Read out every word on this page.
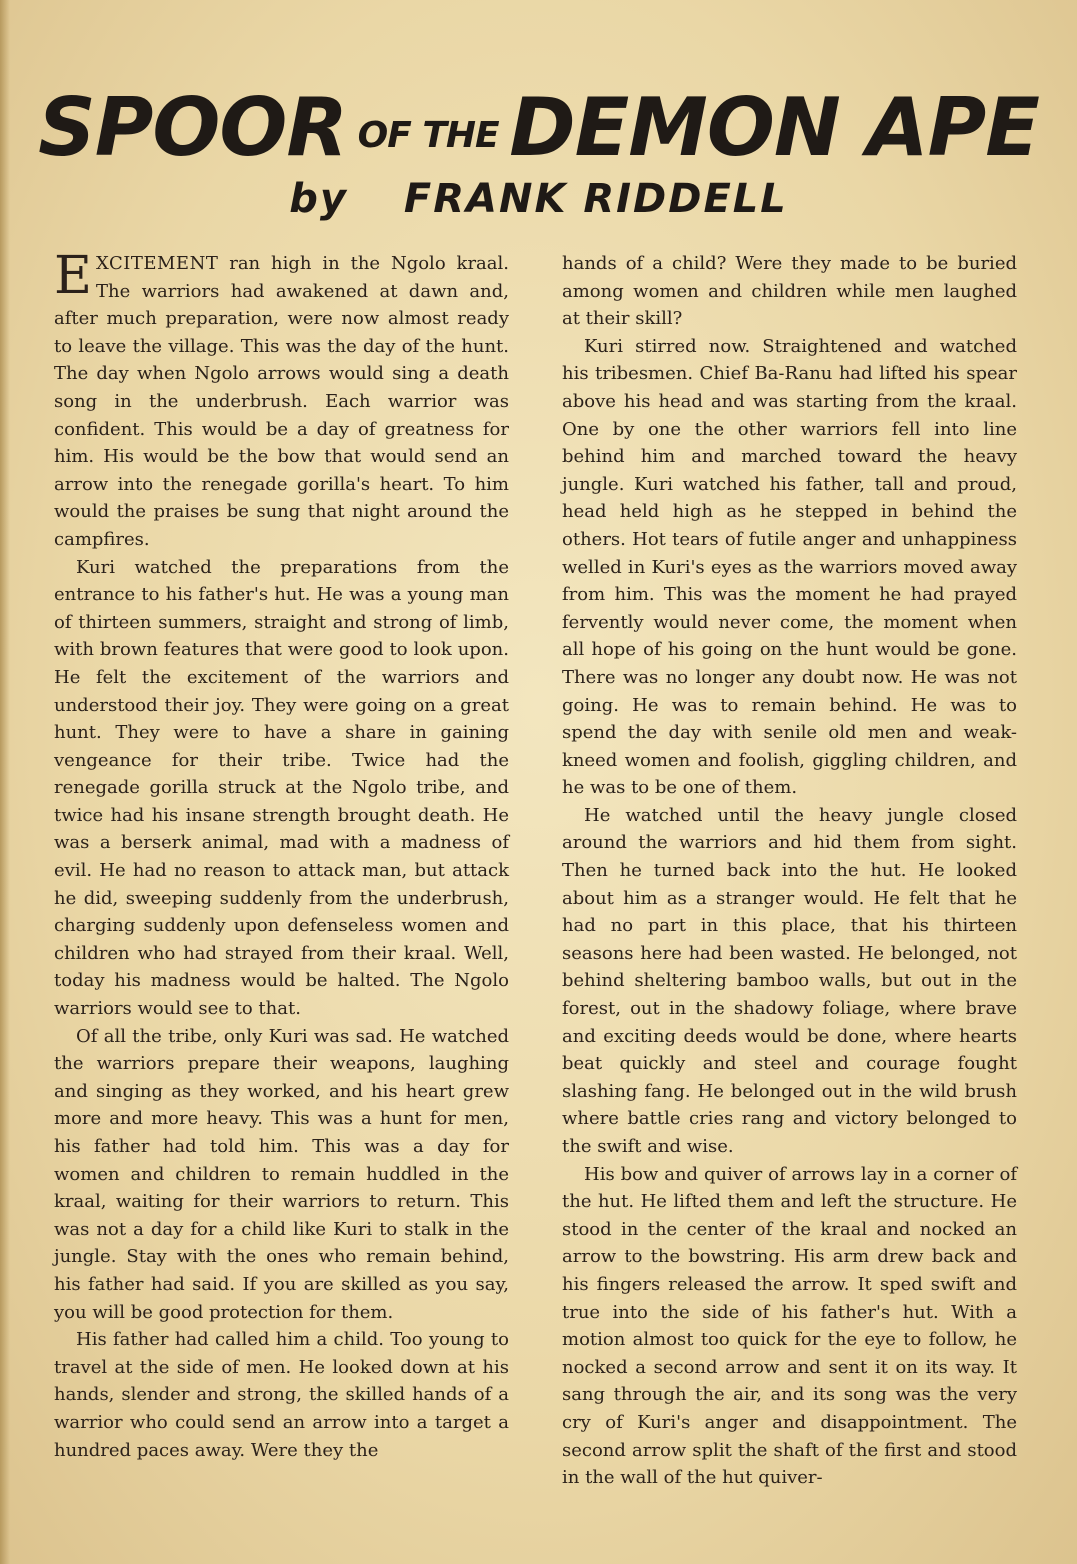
SPOOR OF THE DEMON APE
by FRANK RIDDELL

EXCITEMENT ran high in the Ngolo kraal. The warriors had awakened at dawn and, after much preparation, were now almost ready to leave the village. This was the day of the hunt. The day when Ngolo arrows would sing a death song in the underbrush. Each warrior was confident. This would be a day of greatness for him. His would be the bow that would send an arrow into the renegade gorilla's heart. To him would the praises be sung that night around the campfires.

Kuri watched the preparations from the entrance to his father's hut. He was a young man of thirteen summers, straight and strong of limb, with brown features that were good to look upon. He felt the excitement of the warriors and understood their joy. They were going on a great hunt. They were to have a share in gaining vengeance for their tribe. Twice had the renegade gorilla struck at the Ngolo tribe, and twice had his insane strength brought death. He was a berserk animal, mad with a madness of evil. He had no reason to attack man, but attack he did, sweeping suddenly from the underbrush, charging suddenly upon defenseless women and children who had strayed from their kraal. Well, today his madness would be halted. The Ngolo warriors would see to that.

Of all the tribe, only Kuri was sad. He watched the warriors prepare their weapons, laughing and singing as they worked, and his heart grew more and more heavy. This was a hunt for men, his father had told him. This was a day for women and children to remain huddled in the kraal, waiting for their warriors to return. This was not a day for a child like Kuri to stalk in the jungle. Stay with the ones who remain behind, his father had said. If you are skilled as you say, you will be good protection for them.

His father had called him a child. Too young to travel at the side of men. He looked down at his hands, slender and strong, the skilled hands of a warrior who could send an arrow into a target a hundred paces away. Were they the

hands of a child? Were they made to be buried among women and children while men laughed at their skill?

Kuri stirred now. Straightened and watched his tribesmen. Chief Ba-Ranu had lifted his spear above his head and was starting from the kraal. One by one the other warriors fell into line behind him and marched toward the heavy jungle. Kuri watched his father, tall and proud, head held high as he stepped in behind the others. Hot tears of futile anger and unhappiness welled in Kuri's eyes as the warriors moved away from him. This was the moment he had prayed fervently would never come, the moment when all hope of his going on the hunt would be gone. There was no longer any doubt now. He was not going. He was to remain behind. He was to spend the day with senile old men and weak-kneed women and foolish, giggling children, and he was to be one of them.

He watched until the heavy jungle closed around the warriors and hid them from sight. Then he turned back into the hut. He looked about him as a stranger would. He felt that he had no part in this place, that his thirteen seasons here had been wasted. He belonged, not behind sheltering bamboo walls, but out in the forest, out in the shadowy foliage, where brave and exciting deeds would be done, where hearts beat quickly and steel and courage fought slashing fang. He belonged out in the wild brush where battle cries rang and victory belonged to the swift and wise.

His bow and quiver of arrows lay in a corner of the hut. He lifted them and left the structure. He stood in the center of the kraal and nocked an arrow to the bowstring. His arm drew back and his fingers released the arrow. It sped swift and true into the side of his father's hut. With a motion almost too quick for the eye to follow, he nocked a second arrow and sent it on its way. It sang through the air, and its song was the very cry of Kuri's anger and disappointment. The second arrow split the shaft of the first and stood in the wall of the hut quiver-
